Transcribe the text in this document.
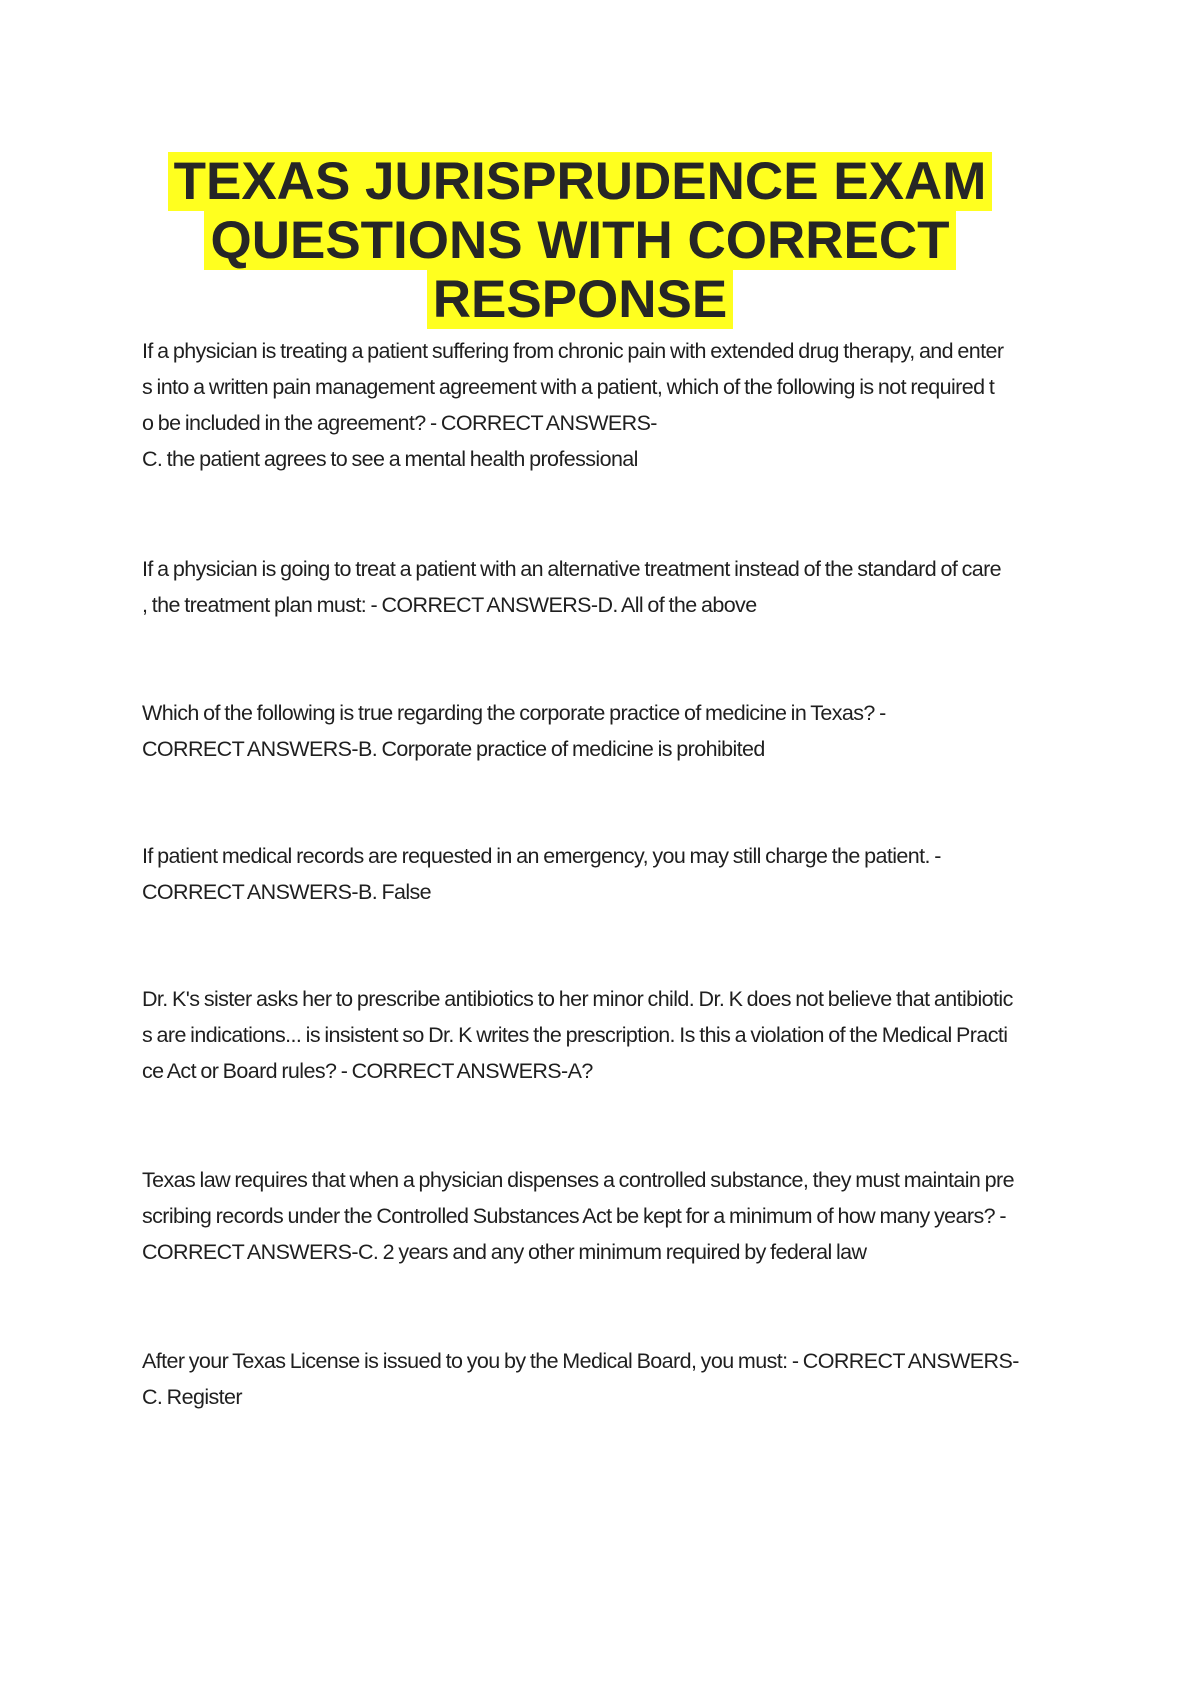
TEXAS JURISPRUDENCE EXAM
QUESTIONS WITH CORRECT
RESPONSE
If a physician is treating a patient suffering from chronic pain with extended drug therapy, and enter
s into a written pain management agreement with a patient, which of the following is not required t
o be included in the agreement? - CORRECT ANSWERS-
C. the patient agrees to see a mental health professional
If a physician is going to treat a patient with an alternative treatment instead of the standard of care
, the treatment plan must: - CORRECT ANSWERS-D. All of the above
Which of the following is true regarding the corporate practice of medicine in Texas? -
CORRECT ANSWERS-B. Corporate practice of medicine is prohibited
If patient medical records are requested in an emergency, you may still charge the patient. -
CORRECT ANSWERS-B. False
Dr. K's sister asks her to prescribe antibiotics to her minor child. Dr. K does not believe that antibiotic
s are indications... is insistent so Dr. K writes the prescription. Is this a violation of the Medical Practi
ce Act or Board rules? - CORRECT ANSWERS-A?
Texas law requires that when a physician dispenses a controlled substance, they must maintain pre
scribing records under the Controlled Substances Act be kept for a minimum of how many years? -
CORRECT ANSWERS-C. 2 years and any other minimum required by federal law
After your Texas License is issued to you by the Medical Board, you must: - CORRECT ANSWERS-
C. Register
